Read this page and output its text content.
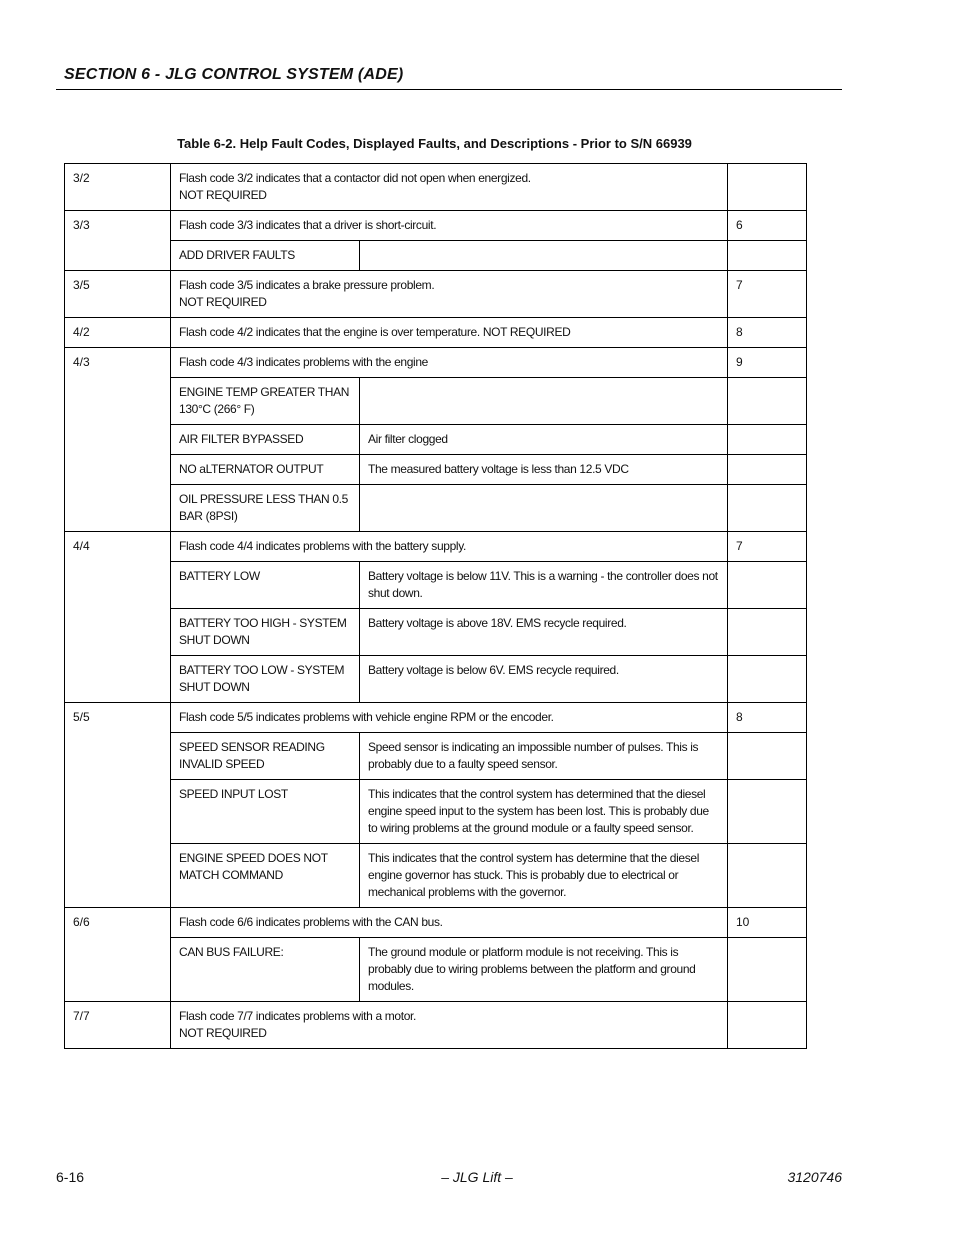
SECTION 6 - JLG CONTROL SYSTEM (ADE)
Table 6-2. Help Fault Codes, Displayed Faults, and Descriptions - Prior to S/N 66939
3/2	Flash code 3/2 indicates that a contactor did not open when energized.
NOT REQUIRED		

3/3	Flash code 3/3 indicates that a driver is short-circuit.		6
	ADD DRIVER FAULTS		
3/5	Flash code 3/5 indicates a brake pressure problem.
NOT REQUIRED		7
4/2	Flash code 4/2 indicates that the engine is over temperature. NOT REQUIRED		8
4/3	Flash code 4/3 indicates problems with the engine		9
	ENGINE TEMP GREATER THAN 130°C (266° F)		
	AIR FILTER BYPASSED	Air filter clogged	
	NO aLTERNATOR OUTPUT	The measured battery voltage is less than 12.5 VDC	
	OIL PRESSURE LESS THAN 0.5 BAR (8PSI)		
4/4	Flash code 4/4 indicates problems with the battery supply.		7
	BATTERY LOW	Battery voltage is below 11V. This is a warning - the controller does not shut down.	
	BATTERY TOO HIGH - SYSTEM SHUT DOWN	Battery voltage is above 18V. EMS recycle required.	
	BATTERY TOO LOW - SYSTEM SHUT DOWN	Battery voltage is below 6V. EMS recycle required.	
5/5	Flash code 5/5 indicates problems with vehicle engine RPM or the encoder.		8
	SPEED SENSOR READING INVALID SPEED	Speed sensor is indicating an impossible number of pulses. This is probably due to a faulty speed sensor.	
	SPEED INPUT LOST	This indicates that the control system has determined that the diesel engine speed input to the system has been lost. This is probably due to wiring problems at the ground module or a faulty speed sensor.	
	ENGINE SPEED DOES NOT MATCH COMMAND	This indicates that the control system has determine that the diesel engine governor has stuck. This is probably due to electrical or mechanical problems with the governor.	
6/6	Flash code 6/6 indicates problems with the CAN bus.		10
	CAN BUS FAILURE:	The ground module or platform module is not receiving. This is probably due to wiring problems between the platform and ground modules.	
7/7	Flash code 7/7 indicates problems with a motor.
NOT REQUIRED		

6-16	– JLG Lift –	3120746
